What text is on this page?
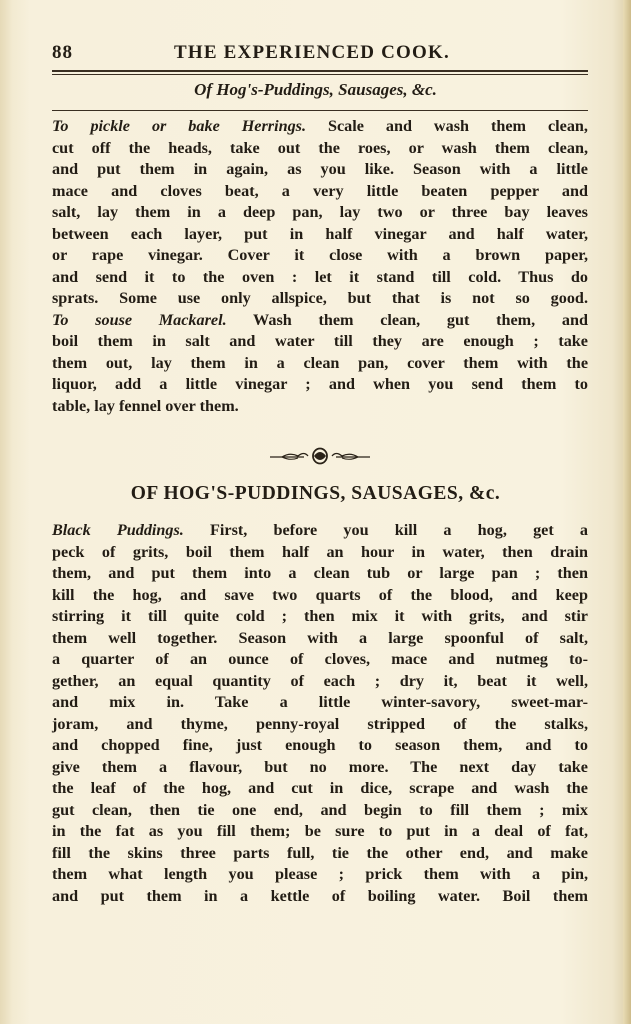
88	THE EXPERIENCED COOK.
Of Hog's-Puddings, Sausages, &c.
To pickle or bake Herrings. Scale and wash them clean,
cut off the heads, take out the roes, or wash them clean,
and put them in again, as you like. Season with a little
mace and cloves beat, a very little beaten pepper and
salt, lay them in a deep pan, lay two or three bay leaves
between each layer, put in half vinegar and half water,
or rape vinegar. Cover it close with a brown paper,
and send it to the oven : let it stand till cold. Thus do
sprats. Some use only allspice, but that is not so good.
To souse Mackarel. Wash them clean, gut them, and
boil them in salt and water till they are enough ; take
them out, lay them in a clean pan, cover them with the
liquor, add a little vinegar ; and when you send them to
table, lay fennel over them.
OF HOG'S-PUDDINGS, SAUSAGES, &c.
Black Puddings. First, before you kill a hog, get a
peck of grits, boil them half an hour in water, then drain
them, and put them into a clean tub or large pan ; then
kill the hog, and save two quarts of the blood, and keep
stirring it till quite cold ; then mix it with grits, and stir
them well together. Season with a large spoonful of salt,
a quarter of an ounce of cloves, mace and nutmeg to-
gether, an equal quantity of each ; dry it, beat it well,
and mix in. Take a little winter-savory, sweet-mar-
joram, and thyme, penny-royal stripped of the stalks,
and chopped fine, just enough to season them, and to
give them a flavour, but no more. The next day take
the leaf of the hog, and cut in dice, scrape and wash the
gut clean, then tie one end, and begin to fill them ; mix
in the fat as you fill them; be sure to put in a deal of fat,
fill the skins three parts full, tie the other end, and make
them what length you please ; prick them with a pin,
and put them in a kettle of boiling water. Boil them
